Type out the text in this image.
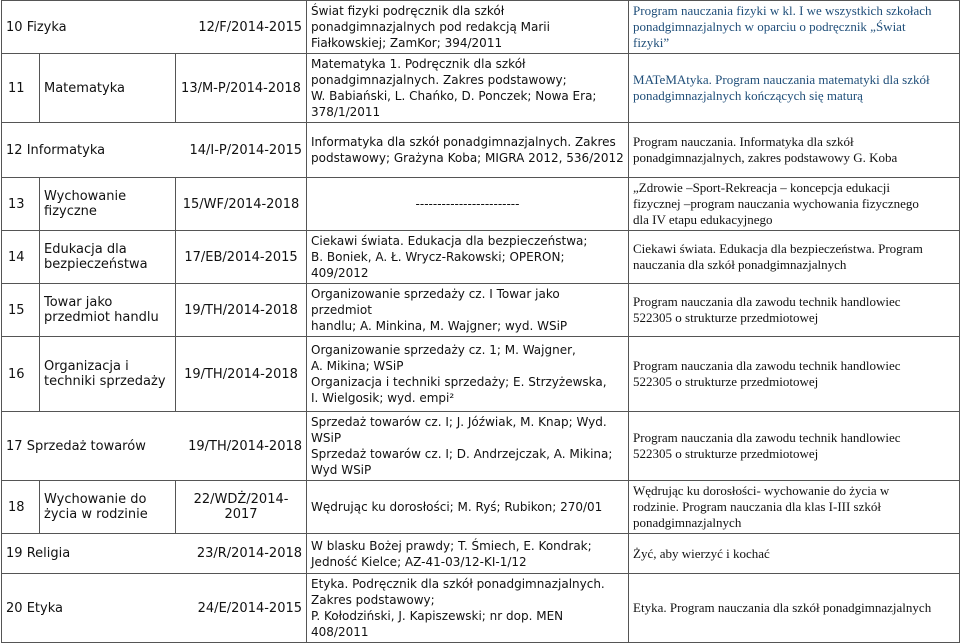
10 Fizyka 12/F/2014-2015			Świat fizyki podręcznik dla szkół
ponadgimnazjalnych pod redakcją Marii
Fiałkowskiej; ZamKor; 394/2011	Program nauczania fizyki w kl. I we wszystkich szkołach
ponadgimnazjalnych w oparciu o podręcznik „Świat
fizyki”

11	Matematyka	13/M-P/2014-2018	Matematyka 1. Podręcznik dla szkół
ponadgimnazjalnych. Zakres podstawowy;
W. Babiański, L. Chańko, D. Ponczek; Nowa Era;
378/1/2011	MATeMAtyka. Program nauczania matematyki dla szkół
ponadgimnazjalnych kończących się maturą

12 Informatyka 14/I-P/2014-2015			Informatyka dla szkół ponadgimnazjalnych. Zakres
podstawowy; Grażyna Koba; MIGRA 2012, 536/2012	Program nauczania. Informatyka dla szkół
ponadgimnazjalnych, zakres podstawowy G. Koba

13	Wychowanie fizyczne	15/WF/2014-2018	------------------------	„Zdrowie –Sport-Rekreacja – koncepcja edukacji
fizycznej –program nauczania wychowania fizycznego
dla IV etapu edukacyjnego

14	Edukacja dla bezpieczeństwa	17/EB/2014-2015	Ciekawi świata. Edukacja dla bezpieczeństwa;
B. Boniek, A. Ł. Wrycz-Rakowski; OPERON; 409/2012	Ciekawi świata. Edukacja dla bezpieczeństwa. Program
nauczania dla szkół ponadgimnazjalnych

15	Towar jako przedmiot handlu	19/TH/2014-2018	Organizowanie sprzedaży cz. I Towar jako przedmiot
handlu; A. Minkina, M. Wajgner; wyd. WSiP	Program nauczania dla zawodu technik handlowiec
522305 o strukturze przedmiotowej

16	Organizacja i techniki sprzedaży	19/TH/2014-2018	Organizowanie sprzedaży cz. 1; M. Wajgner,
A. Mikina; WSiP
Organizacja i techniki sprzedaży; E. Strzyżewska,
I. Wielgosik; wyd. empi²	Program nauczania dla zawodu technik handlowiec
522305 o strukturze przedmiotowej

17 Sprzedaż towarów 19/TH/2014-2018			Sprzedaż towarów cz. I; J. Jóźwiak, M. Knap; Wyd.
WSiP
Sprzedaż towarów cz. I; D. Andrzejczak, A. Mikina;
Wyd WSiP	Program nauczania dla zawodu technik handlowiec
522305 o strukturze przedmiotowej

18	Wychowanie do życia w rodzinie	22/WDŻ/2014-2017	Wędrując ku dorosłości; M. Ryś; Rubikon; 270/01	Wędrując ku dorosłości- wychowanie do życia w
rodzinie. Program nauczania dla klas I-III szkół
ponadgimnazjalnych

19 Religia 23/R/2014-2018			W blasku Bożej prawdy; T. Śmiech, E. Kondrak;
Jedność Kielce; AZ-41-03/12-KI-1/12	Żyć, aby wierzyć i kochać

20 Etyka 24/E/2014-2015			Etyka. Podręcznik dla szkół ponadgimnazjalnych.
Zakres podstawowy;
P. Kołodziński, J. Kapiszewski; nr dop. MEN 408/2011	Etyka. Program nauczania dla szkół ponadgimnazjalnych
